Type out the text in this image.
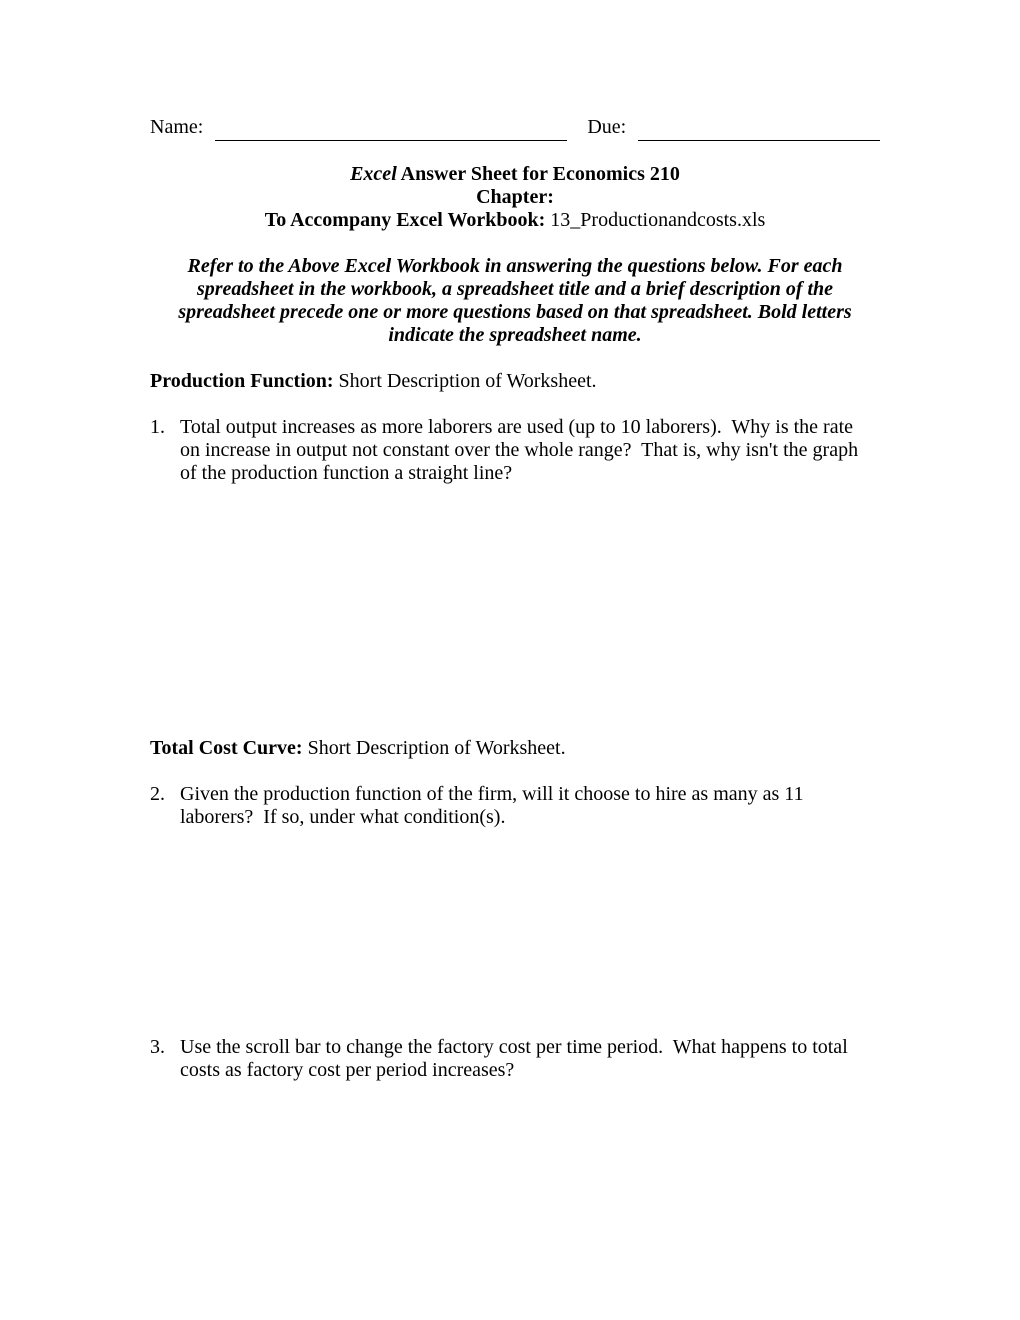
Name:	Due:
Excel Answer Sheet for Economics 210
Chapter:
To Accompany Excel Workbook: 13_Productionandcosts.xls

Refer to the Above Excel Workbook in answering the questions below. For each spreadsheet in the workbook, a spreadsheet title and a brief description of the spreadsheet precede one or more questions based on that spreadsheet. Bold letters indicate the spreadsheet name.

Production Function: Short Description of Worksheet.
1. Total output increases as more laborers are used (up to 10 laborers).  Why is the rate on increase in output not constant over the whole range?  That is, why isn't the graph of the production function a straight line?
Total Cost Curve: Short Description of Worksheet.
2. Given the production function of the firm, will it choose to hire as many as 11 laborers?  If so, under what condition(s).
3. Use the scroll bar to change the factory cost per time period.  What happens to total costs as factory cost per period increases?
